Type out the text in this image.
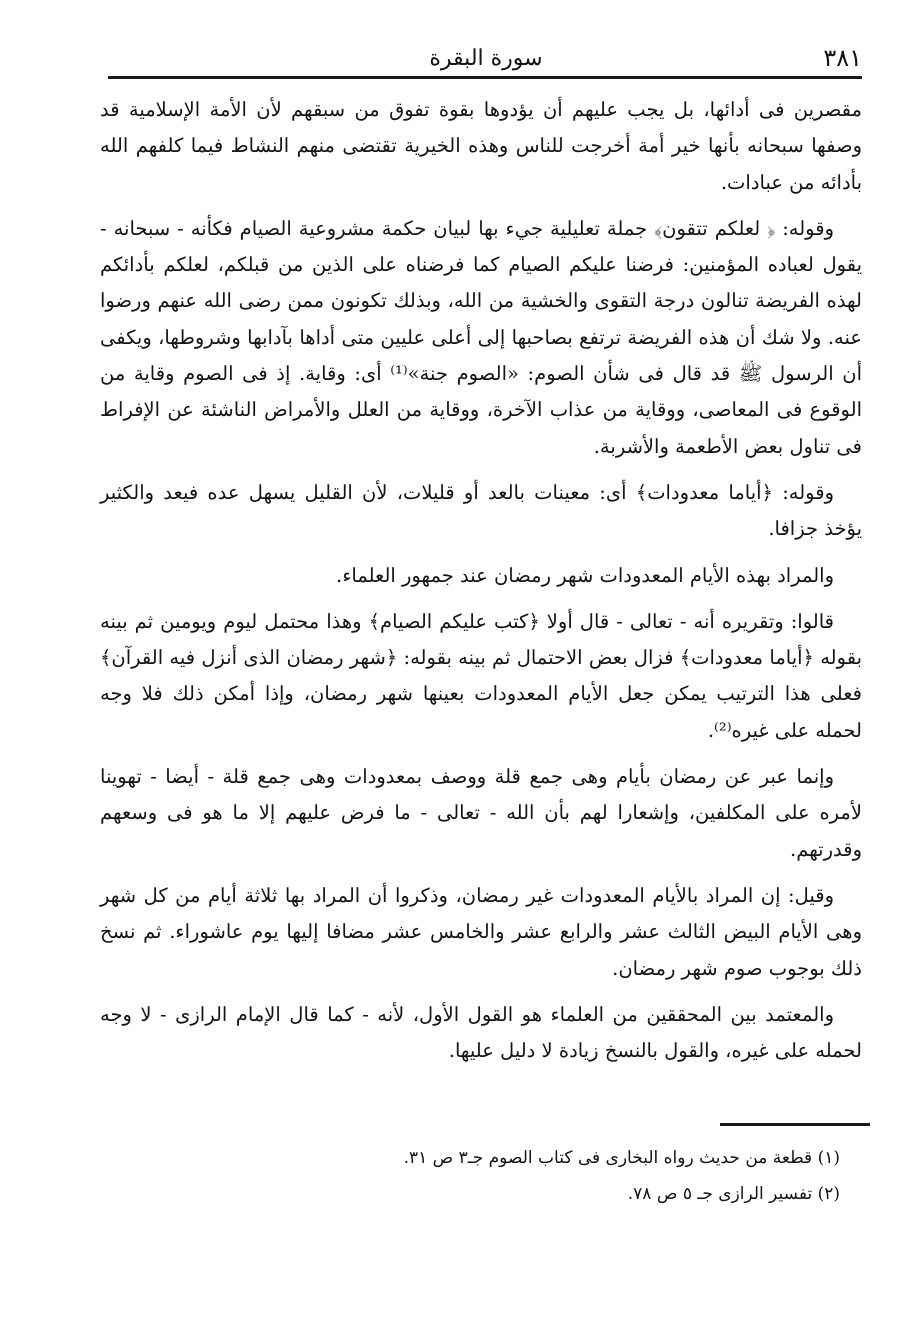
٣٨١
سورة البقرة

مقصرين فى أدائها، بل يجب عليهم أن يؤدوها بقوة تفوق من سبقهم لأن الأمة الإسلامية قد وصفها سبحانه بأنها خير أمة أخرجت للناس وهذه الخيرية تقتضى منهم النشاط فيما كلفهم الله بأدائه من عبادات.

وقوله: ﴿ لعلكم تتقون﴾ جملة تعليلية جيء بها لبيان حكمة مشروعية الصيام فكأنه - سبحانه - يقول لعباده المؤمنين: فرضنا عليكم الصيام كما فرضناه على الذين من قبلكم، لعلكم بأدائكم لهذه الفريضة تنالون درجة التقوى والخشية من الله، وبذلك تكونون ممن رضى الله عنهم ورضوا عنه. ولا شك أن هذه الفريضة ترتفع بصاحبها إلى أعلى عليين متى أداها بآدابها وشروطها، ويكفى أن الرسول ﷺ قد قال فى شأن الصوم: «الصوم جنة»⁽¹⁾ أى: وقاية. إذ فى الصوم وقاية من الوقوع فى المعاصى، ووقاية من عذاب الآخرة، ووقاية من العلل والأمراض الناشئة عن الإفراط فى تناول بعض الأطعمة والأشربة.

وقوله: ﴿أياما معدودات﴾ أى: معينات بالعد أو قليلات، لأن القليل يسهل عده فيعد والكثير يؤخذ جزافا.

والمراد بهذه الأيام المعدودات شهر رمضان عند جمهور العلماء.

قالوا: وتقريره أنه - تعالى - قال أولا ﴿كتب عليكم الصيام﴾ وهذا محتمل ليوم ويومين ثم بينه بقوله ﴿أياما معدودات﴾ فزال بعض الاحتمال ثم بينه بقوله: ﴿شهر رمضان الذى أنزل فيه القرآن﴾ فعلى هذا الترتيب يمكن جعل الأيام المعدودات بعينها شهر رمضان، وإذا أمكن ذلك فلا وجه لحمله على غيره⁽²⁾.

وإنما عبر عن رمضان بأيام وهى جمع قلة ووصف بمعدودات وهى جمع قلة - أيضا - تهوينا لأمره على المكلفين، وإشعارا لهم بأن الله - تعالى - ما فرض عليهم إلا ما هو فى وسعهم وقدرتهم.

وقيل: إن المراد بالأيام المعدودات غير رمضان، وذكروا أن المراد بها ثلاثة أيام من كل شهر وهى الأيام البيض الثالث عشر والرابع عشر والخامس عشر مضافا إليها يوم عاشوراء. ثم نسخ ذلك بوجوب صوم شهر رمضان.

والمعتمد بين المحققين من العلماء هو القول الأول، لأنه - كما قال الإمام الرازى - لا وجه لحمله على غيره، والقول بالنسخ زيادة لا دليل عليها.

(١) قطعة من حديث رواه البخارى فى كتاب الصوم جـ٣ ص ٣١.

(٢) تفسير الرازى جـ ٥ ص ٧٨.
